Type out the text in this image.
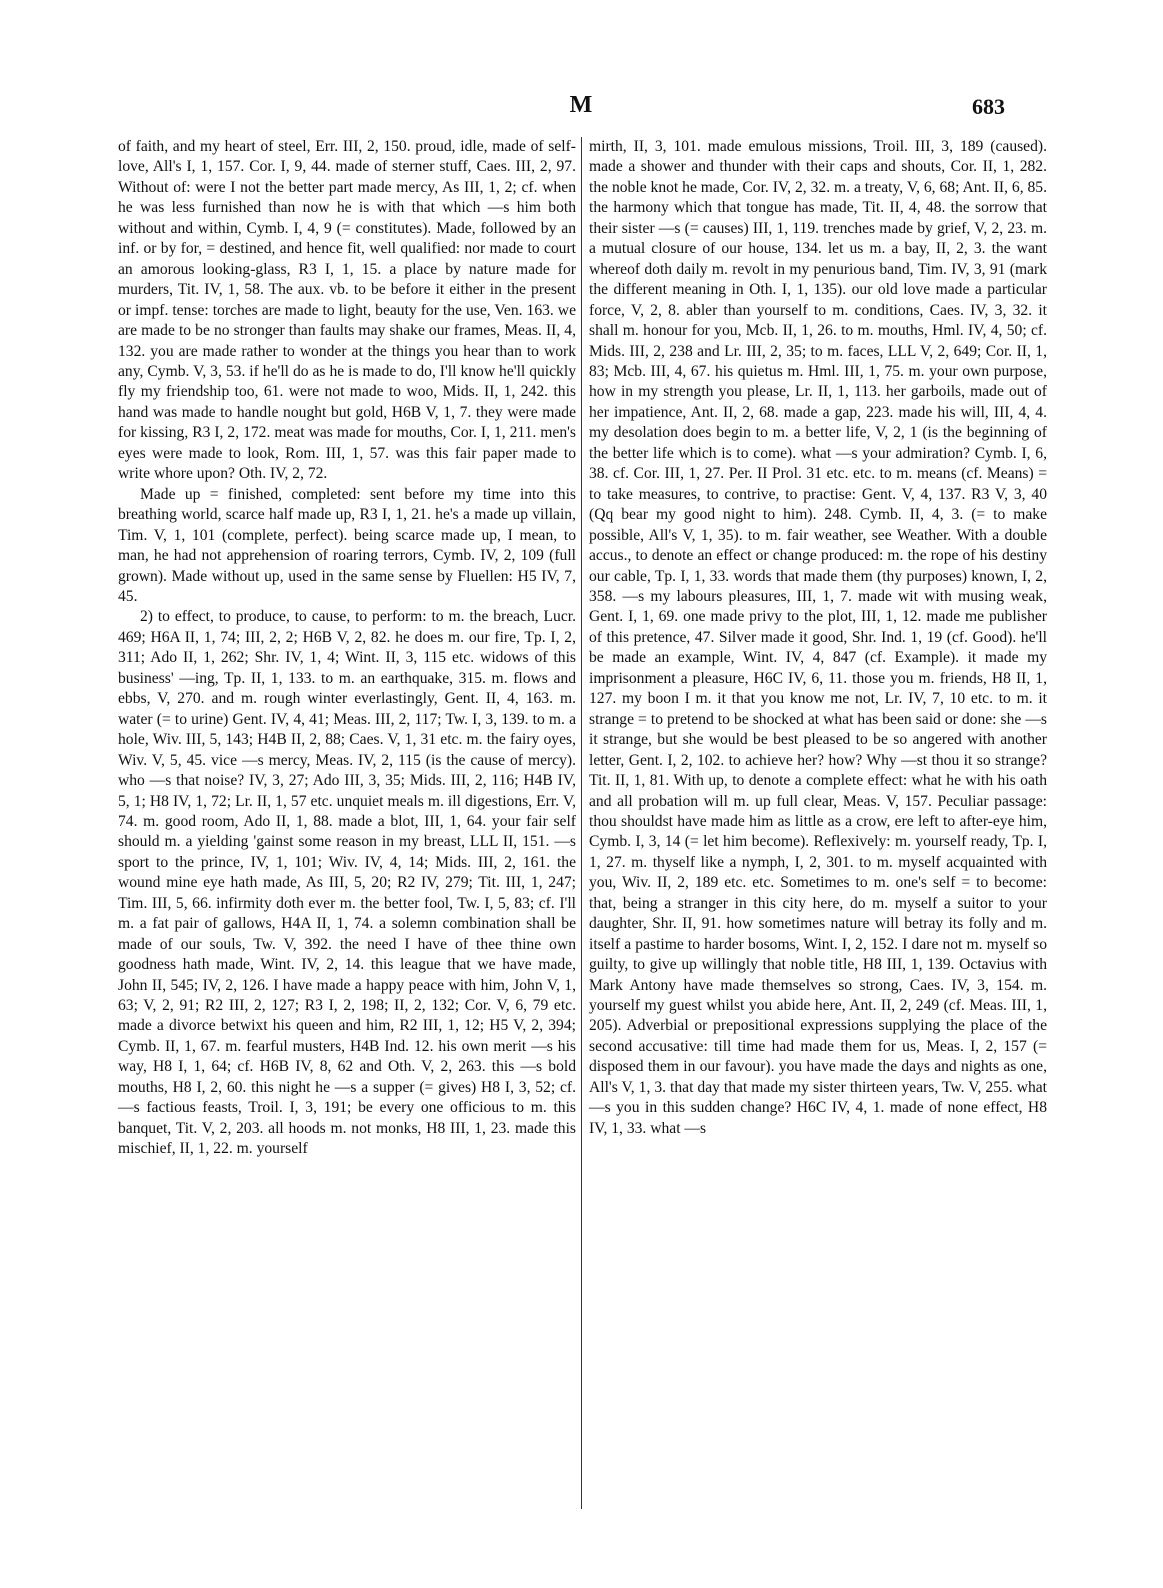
M	683

of faith, and my heart of steel, Err. III, 2, 150. proud, idle, made of self-love, All's I, 1, 157. Cor. I, 9, 44. made of sterner stuff, Caes. III, 2, 97. Without of: were I not the better part made mercy, As III, 1, 2; cf. when he was less furnished than now he is with that which —s him both without and within, Cymb. I, 4, 9 (= constitutes). Made, followed by an inf. or by for, = destined, and hence fit, well qualified: nor made to court an amorous looking-glass, R3 I, 1, 15. a place by nature made for murders, Tit. IV, 1, 58. The aux. vb. to be before it either in the present or impf. tense: torches are made to light, beauty for the use, Ven. 163. we are made to be no stronger than faults may shake our frames, Meas. II, 4, 132. you are made rather to wonder at the things you hear than to work any, Cymb. V, 3, 53. if he'll do as he is made to do, I'll know he'll quickly fly my friendship too, 61. were not made to woo, Mids. II, 1, 242. this hand was made to handle nought but gold, H6B V, 1, 7. they were made for kissing, R3 I, 2, 172. meat was made for mouths, Cor. I, 1, 211. men's eyes were made to look, Rom. III, 1, 57. was this fair paper made to write whore upon? Oth. IV, 2, 72.

Made up = finished, completed: sent before my time into this breathing world, scarce half made up, R3 I, 1, 21. he's a made up villain, Tim. V, 1, 101 (complete, perfect). being scarce made up, I mean, to man, he had not apprehension of roaring terrors, Cymb. IV, 2, 109 (full grown). Made without up, used in the same sense by Fluellen: H5 IV, 7, 45.

2) to effect, to produce, to cause, to perform: to m. the breach, Lucr. 469; H6A II, 1, 74; III, 2, 2; H6B V, 2, 82. he does m. our fire, Tp. I, 2, 311; Ado II, 1, 262; Shr. IV, 1, 4; Wint. II, 3, 115 etc. widows of this business' —ing, Tp. II, 1, 133. to m. an earthquake, 315. m. flows and ebbs, V, 270. and m. rough winter everlastingly, Gent. II, 4, 163. m. water (= to urine) Gent. IV, 4, 41; Meas. III, 2, 117; Tw. I, 3, 139. to m. a hole, Wiv. III, 5, 143; H4B II, 2, 88; Caes. V, 1, 31 etc. m. the fairy oyes, Wiv. V, 5, 45. vice —s mercy, Meas. IV, 2, 115 (is the cause of mercy). who —s that noise? IV, 3, 27; Ado III, 3, 35; Mids. III, 2, 116; H4B IV, 5, 1; H8 IV, 1, 72; Lr. II, 1, 57 etc. unquiet meals m. ill digestions, Err. V, 74. m. good room, Ado II, 1, 88. made a blot, III, 1, 64. your fair self should m. a yielding 'gainst some reason in my breast, LLL II, 151. —s sport to the prince, IV, 1, 101; Wiv. IV, 4, 14; Mids. III, 2, 161. the wound mine eye hath made, As III, 5, 20; R2 IV, 279; Tit. III, 1, 247; Tim. III, 5, 66. infirmity doth ever m. the better fool, Tw. I, 5, 83; cf. I'll m. a fat pair of gallows, H4A II, 1, 74. a solemn combination shall be made of our souls, Tw. V, 392. the need I have of thee thine own goodness hath made, Wint. IV, 2, 14. this league that we have made, John II, 545; IV, 2, 126. I have made a happy peace with him, John V, 1, 63; V, 2, 91; R2 III, 2, 127; R3 I, 2, 198; II, 2, 132; Cor. V, 6, 79 etc. made a divorce betwixt his queen and him, R2 III, 1, 12; H5 V, 2, 394; Cymb. II, 1, 67. m. fearful musters, H4B Ind. 12. his own merit —s his way, H8 I, 1, 64; cf. H6B IV, 8, 62 and Oth. V, 2, 263. this —s bold mouths, H8 I, 2, 60. this night he —s a supper (= gives) H8 I, 3, 52; cf. —s factious feasts, Troil. I, 3, 191; be every one officious to m. this banquet, Tit. V, 2, 203. all hoods m. not monks, H8 III, 1, 23. made this mischief, II, 1, 22. m. yourself

mirth, II, 3, 101. made emulous missions, Troil. III, 3, 189 (caused). made a shower and thunder with their caps and shouts, Cor. II, 1, 282. the noble knot he made, Cor. IV, 2, 32. m. a treaty, V, 6, 68; Ant. II, 6, 85. the harmony which that tongue has made, Tit. II, 4, 48. the sorrow that their sister —s (= causes) III, 1, 119. trenches made by grief, V, 2, 23. m. a mutual closure of our house, 134. let us m. a bay, II, 2, 3. the want whereof doth daily m. revolt in my penurious band, Tim. IV, 3, 91 (mark the different meaning in Oth. I, 1, 135). our old love made a particular force, V, 2, 8. abler than yourself to m. conditions, Caes. IV, 3, 32. it shall m. honour for you, Mcb. II, 1, 26. to m. mouths, Hml. IV, 4, 50; cf. Mids. III, 2, 238 and Lr. III, 2, 35; to m. faces, LLL V, 2, 649; Cor. II, 1, 83; Mcb. III, 4, 67. his quietus m. Hml. III, 1, 75. m. your own purpose, how in my strength you please, Lr. II, 1, 113. her garboils, made out of her impatience, Ant. II, 2, 68. made a gap, 223. made his will, III, 4, 4. my desolation does begin to m. a better life, V, 2, 1 (is the beginning of the better life which is to come). what —s your admiration? Cymb. I, 6, 38. cf. Cor. III, 1, 27. Per. II Prol. 31 etc. etc. to m. means (cf. Means) = to take measures, to contrive, to practise: Gent. V, 4, 137. R3 V, 3, 40 (Qq bear my good night to him). 248. Cymb. II, 4, 3. (= to make possible, All's V, 1, 35). to m. fair weather, see Weather. With a double accus., to denote an effect or change produced: m. the rope of his destiny our cable, Tp. I, 1, 33. words that made them (thy purposes) known, I, 2, 358. —s my labours pleasures, III, 1, 7. made wit with musing weak, Gent. I, 1, 69. one made privy to the plot, III, 1, 12. made me publisher of this pretence, 47. Silver made it good, Shr. Ind. 1, 19 (cf. Good). he'll be made an example, Wint. IV, 4, 847 (cf. Example). it made my imprisonment a pleasure, H6C IV, 6, 11. those you m. friends, H8 II, 1, 127. my boon I m. it that you know me not, Lr. IV, 7, 10 etc. to m. it strange = to pretend to be shocked at what has been said or done: she —s it strange, but she would be best pleased to be so angered with another letter, Gent. I, 2, 102. to achieve her? how? Why —st thou it so strange? Tit. II, 1, 81. With up, to denote a complete effect: what he with his oath and all probation will m. up full clear, Meas. V, 157. Peculiar passage: thou shouldst have made him as little as a crow, ere left to after-eye him, Cymb. I, 3, 14 (= let him become). Reflexively: m. yourself ready, Tp. I, 1, 27. m. thyself like a nymph, I, 2, 301. to m. myself acquainted with you, Wiv. II, 2, 189 etc. etc. Sometimes to m. one's self = to become: that, being a stranger in this city here, do m. myself a suitor to your daughter, Shr. II, 91. how sometimes nature will betray its folly and m. itself a pastime to harder bosoms, Wint. I, 2, 152. I dare not m. myself so guilty, to give up willingly that noble title, H8 III, 1, 139. Octavius with Mark Antony have made themselves so strong, Caes. IV, 3, 154. m. yourself my guest whilst you abide here, Ant. II, 2, 249 (cf. Meas. III, 1, 205). Adverbial or prepositional expressions supplying the place of the second accusative: till time had made them for us, Meas. I, 2, 157 (= disposed them in our favour). you have made the days and nights as one, All's V, 1, 3. that day that made my sister thirteen years, Tw. V, 255. what —s you in this sudden change? H6C IV, 4, 1. made of none effect, H8 IV, 1, 33. what —s
